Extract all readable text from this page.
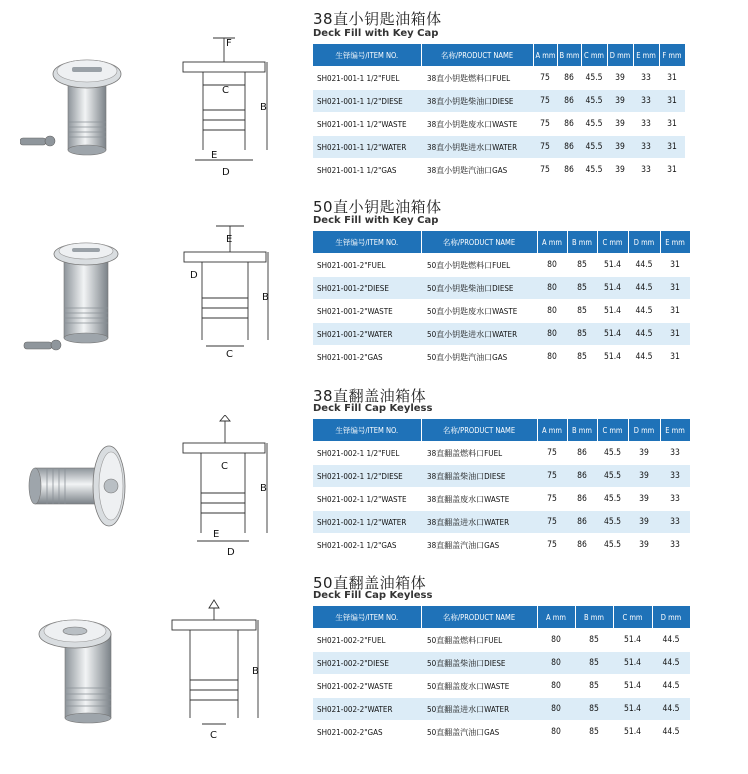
F
C
B
E
D
38直小钥匙油箱体
Deck Fill with Key Cap
生铎编号/ITEM NO.	名称/PRODUCT NAME	A mm	B mm	C mm	D mm	E mm	F mm
SH021-001-1 1/2"FUEL	38直小钥匙燃料口FUEL	75	86	45.5	39	33	31
SH021-001-1 1/2"DIESE	38直小钥匙柴油口DIESE	75	86	45.5	39	33	31
SH021-001-1 1/2"WASTE	38直小钥匙废水口WASTE	75	86	45.5	39	33	31
SH021-001-1 1/2"WATER	38直小钥匙进水口WATER	75	86	45.5	39	33	31
SH021-001-1 1/2"GAS	38直小钥匙汽油口GAS	75	86	45.5	39	33	31
E
D
B
C
50直小钥匙油箱体
Deck Fill with Key Cap
生铎编号/ITEM NO.	名称/PRODUCT NAME	A mm	B mm	C mm	D mm	E mm
SH021-001-2"FUEL	50直小钥匙燃料口FUEL	80	85	51.4	44.5	31
SH021-001-2"DIESE	50直小钥匙柴油口DIESE	80	85	51.4	44.5	31
SH021-001-2"WASTE	50直小钥匙废水口WASTE	80	85	51.4	44.5	31
SH021-001-2"WATER	50直小钥匙进水口WATER	80	85	51.4	44.5	31
SH021-001-2"GAS	50直小钥匙汽油口GAS	80	85	51.4	44.5	31
C
B
E
D
38直翻盖油箱体
Deck Fill Cap Keyless
生铎编号/ITEM NO.	名称/PRODUCT NAME	A mm	B mm	C mm	D mm	E mm
SH021-002-1 1/2"FUEL	38直翻盖燃料口FUEL	75	86	45.5	39	33
SH021-002-1 1/2"DIESE	38直翻盖柴油口DIESE	75	86	45.5	39	33
SH021-002-1 1/2"WASTE	38直翻盖废水口WASTE	75	86	45.5	39	33
SH021-002-1 1/2"WATER	38直翻盖进水口WATER	75	86	45.5	39	33
SH021-002-1 1/2"GAS	38直翻盖汽油口GAS	75	86	45.5	39	33
B
C
50直翻盖油箱体
Deck Fill Cap Keyless
生铎编号/ITEM NO.	名称/PRODUCT NAME	A mm	B mm	C mm	D mm
SH021-002-2"FUEL	50直翻盖燃料口FUEL	80	85	51.4	44.5
SH021-002-2"DIESE	50直翻盖柴油口DIESE	80	85	51.4	44.5
SH021-002-2"WASTE	50直翻盖废水口WASTE	80	85	51.4	44.5
SH021-002-2"WATER	50直翻盖进水口WATER	80	85	51.4	44.5
SH021-002-2"GAS	50直翻盖汽油口GAS	80	85	51.4	44.5
